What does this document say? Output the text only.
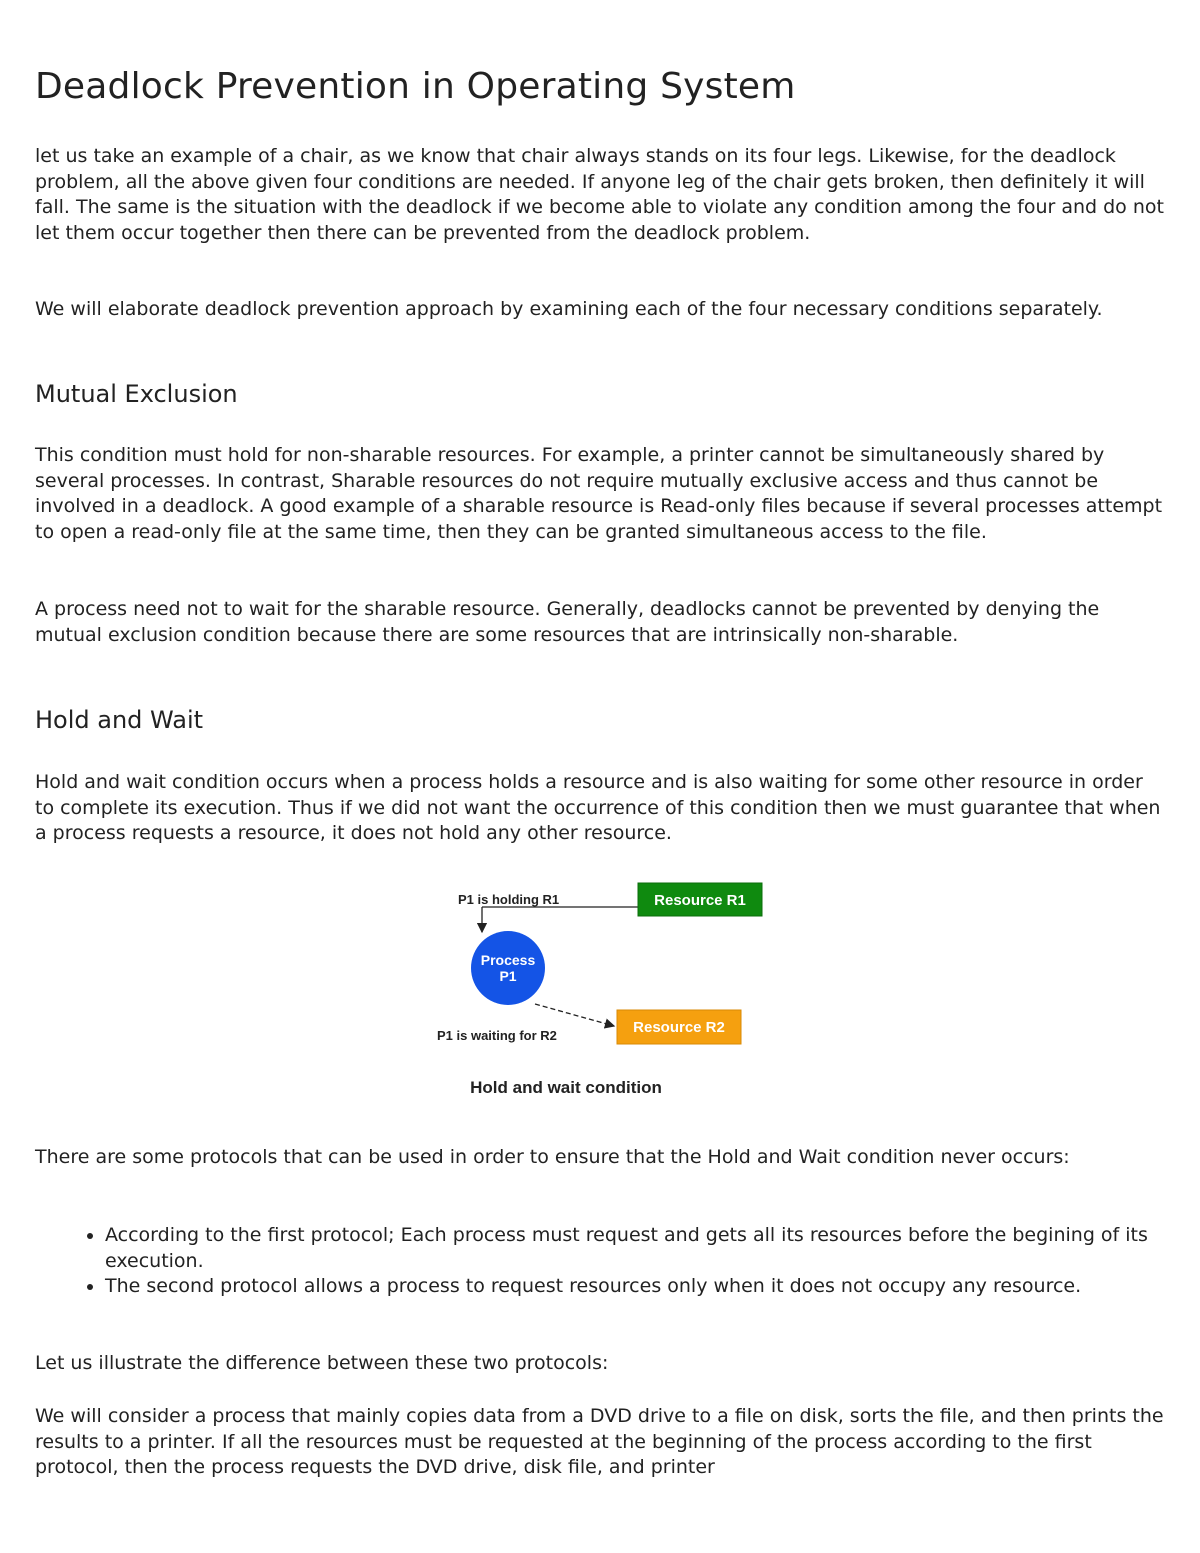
Deadlock Prevention in Operating System

let us take an example of a chair, as we know that chair always stands on its four legs. Likewise, for the deadlock problem, all the above given four conditions are needed. If anyone leg of the chair gets broken, then definitely it will fall. The same is the situation with the deadlock if we become able to violate any condition among the four and do not let them occur together then there can be prevented from the deadlock problem.

We will elaborate deadlock prevention approach by examining each of the four necessary conditions separately.

Mutual Exclusion

This condition must hold for non-sharable resources. For example, a printer cannot be simultaneously shared by several processes. In contrast, Sharable resources do not require mutually exclusive access and thus cannot be involved in a deadlock. A good example of a sharable resource is Read-only files because if several processes attempt to open a read-only file at the same time, then they can be granted simultaneous access to the file.

A process need not to wait for the sharable resource. Generally, deadlocks cannot be prevented by denying the mutual exclusion condition because there are some resources that are intrinsically non-sharable.

Hold and Wait

Hold and wait condition occurs when a process holds a resource and is also waiting for some other resource in order to complete its execution. Thus if we did not want the occurrence of this condition then we must guarantee that when a process requests a resource, it does not hold any other resource.

P1 is holding R1	Resource R1
Process
P1
Resource R2
P1 is waiting for R2
Hold and wait condition

There are some protocols that can be used in order to ensure that the Hold and Wait condition never occurs:

• According to the first protocol; Each process must request and gets all its resources before the begining of its execution.
• The second protocol allows a process to request resources only when it does not occupy any resource.

Let us illustrate the difference between these two protocols:

We will consider a process that mainly copies data from a DVD drive to a file on disk, sorts the file, and then prints the results to a printer. If all the resources must be requested at the beginning of the process according to the first protocol, then the process requests the DVD drive, disk file, and printer
